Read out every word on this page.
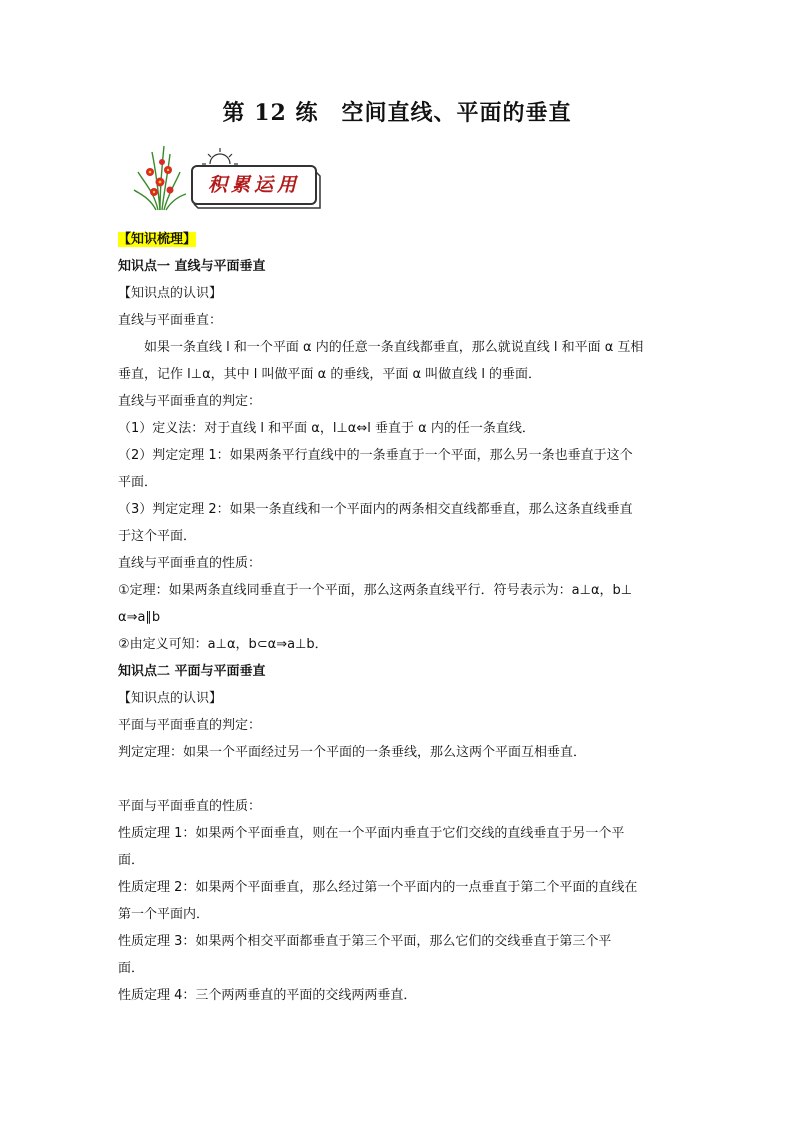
第 12 练　空间直线、平面的垂直
积累运用

【知识梳理】

知识点一 直线与平面垂直

【知识点的认识】

直线与平面垂直：

如果一条直线 l 和一个平面 α 内的任意一条直线都垂直，那么就说直线 l 和平面 α 互相

垂直，记作 l⊥α，其中 l 叫做平面 α 的垂线，平面 α 叫做直线 l 的垂面．

直线与平面垂直的判定：

（1）定义法：对于直线 l 和平面 α，l⊥α⇔l 垂直于 α 内的任一条直线．

（2）判定定理 1：如果两条平行直线中的一条垂直于一个平面，那么另一条也垂直于这个

平面．

（3）判定定理 2：如果一条直线和一个平面内的两条相交直线都垂直，那么这条直线垂直

于这个平面．

直线与平面垂直的性质：

①定理：如果两条直线同垂直于一个平面，那么这两条直线平行．符号表示为：a⊥α，b⊥

α⇒a∥b

②由定义可知：a⊥α，b⊂α⇒a⊥b．

知识点二 平面与平面垂直

【知识点的认识】

平面与平面垂直的判定：

判定定理：如果一个平面经过另一个平面的一条垂线，那么这两个平面互相垂直．

平面与平面垂直的性质：

性质定理 1：如果两个平面垂直，则在一个平面内垂直于它们交线的直线垂直于另一个平

面．

性质定理 2：如果两个平面垂直，那么经过第一个平面内的一点垂直于第二个平面的直线在

第一个平面内．

性质定理 3：如果两个相交平面都垂直于第三个平面，那么它们的交线垂直于第三个平

面．

性质定理 4：三个两两垂直的平面的交线两两垂直．
